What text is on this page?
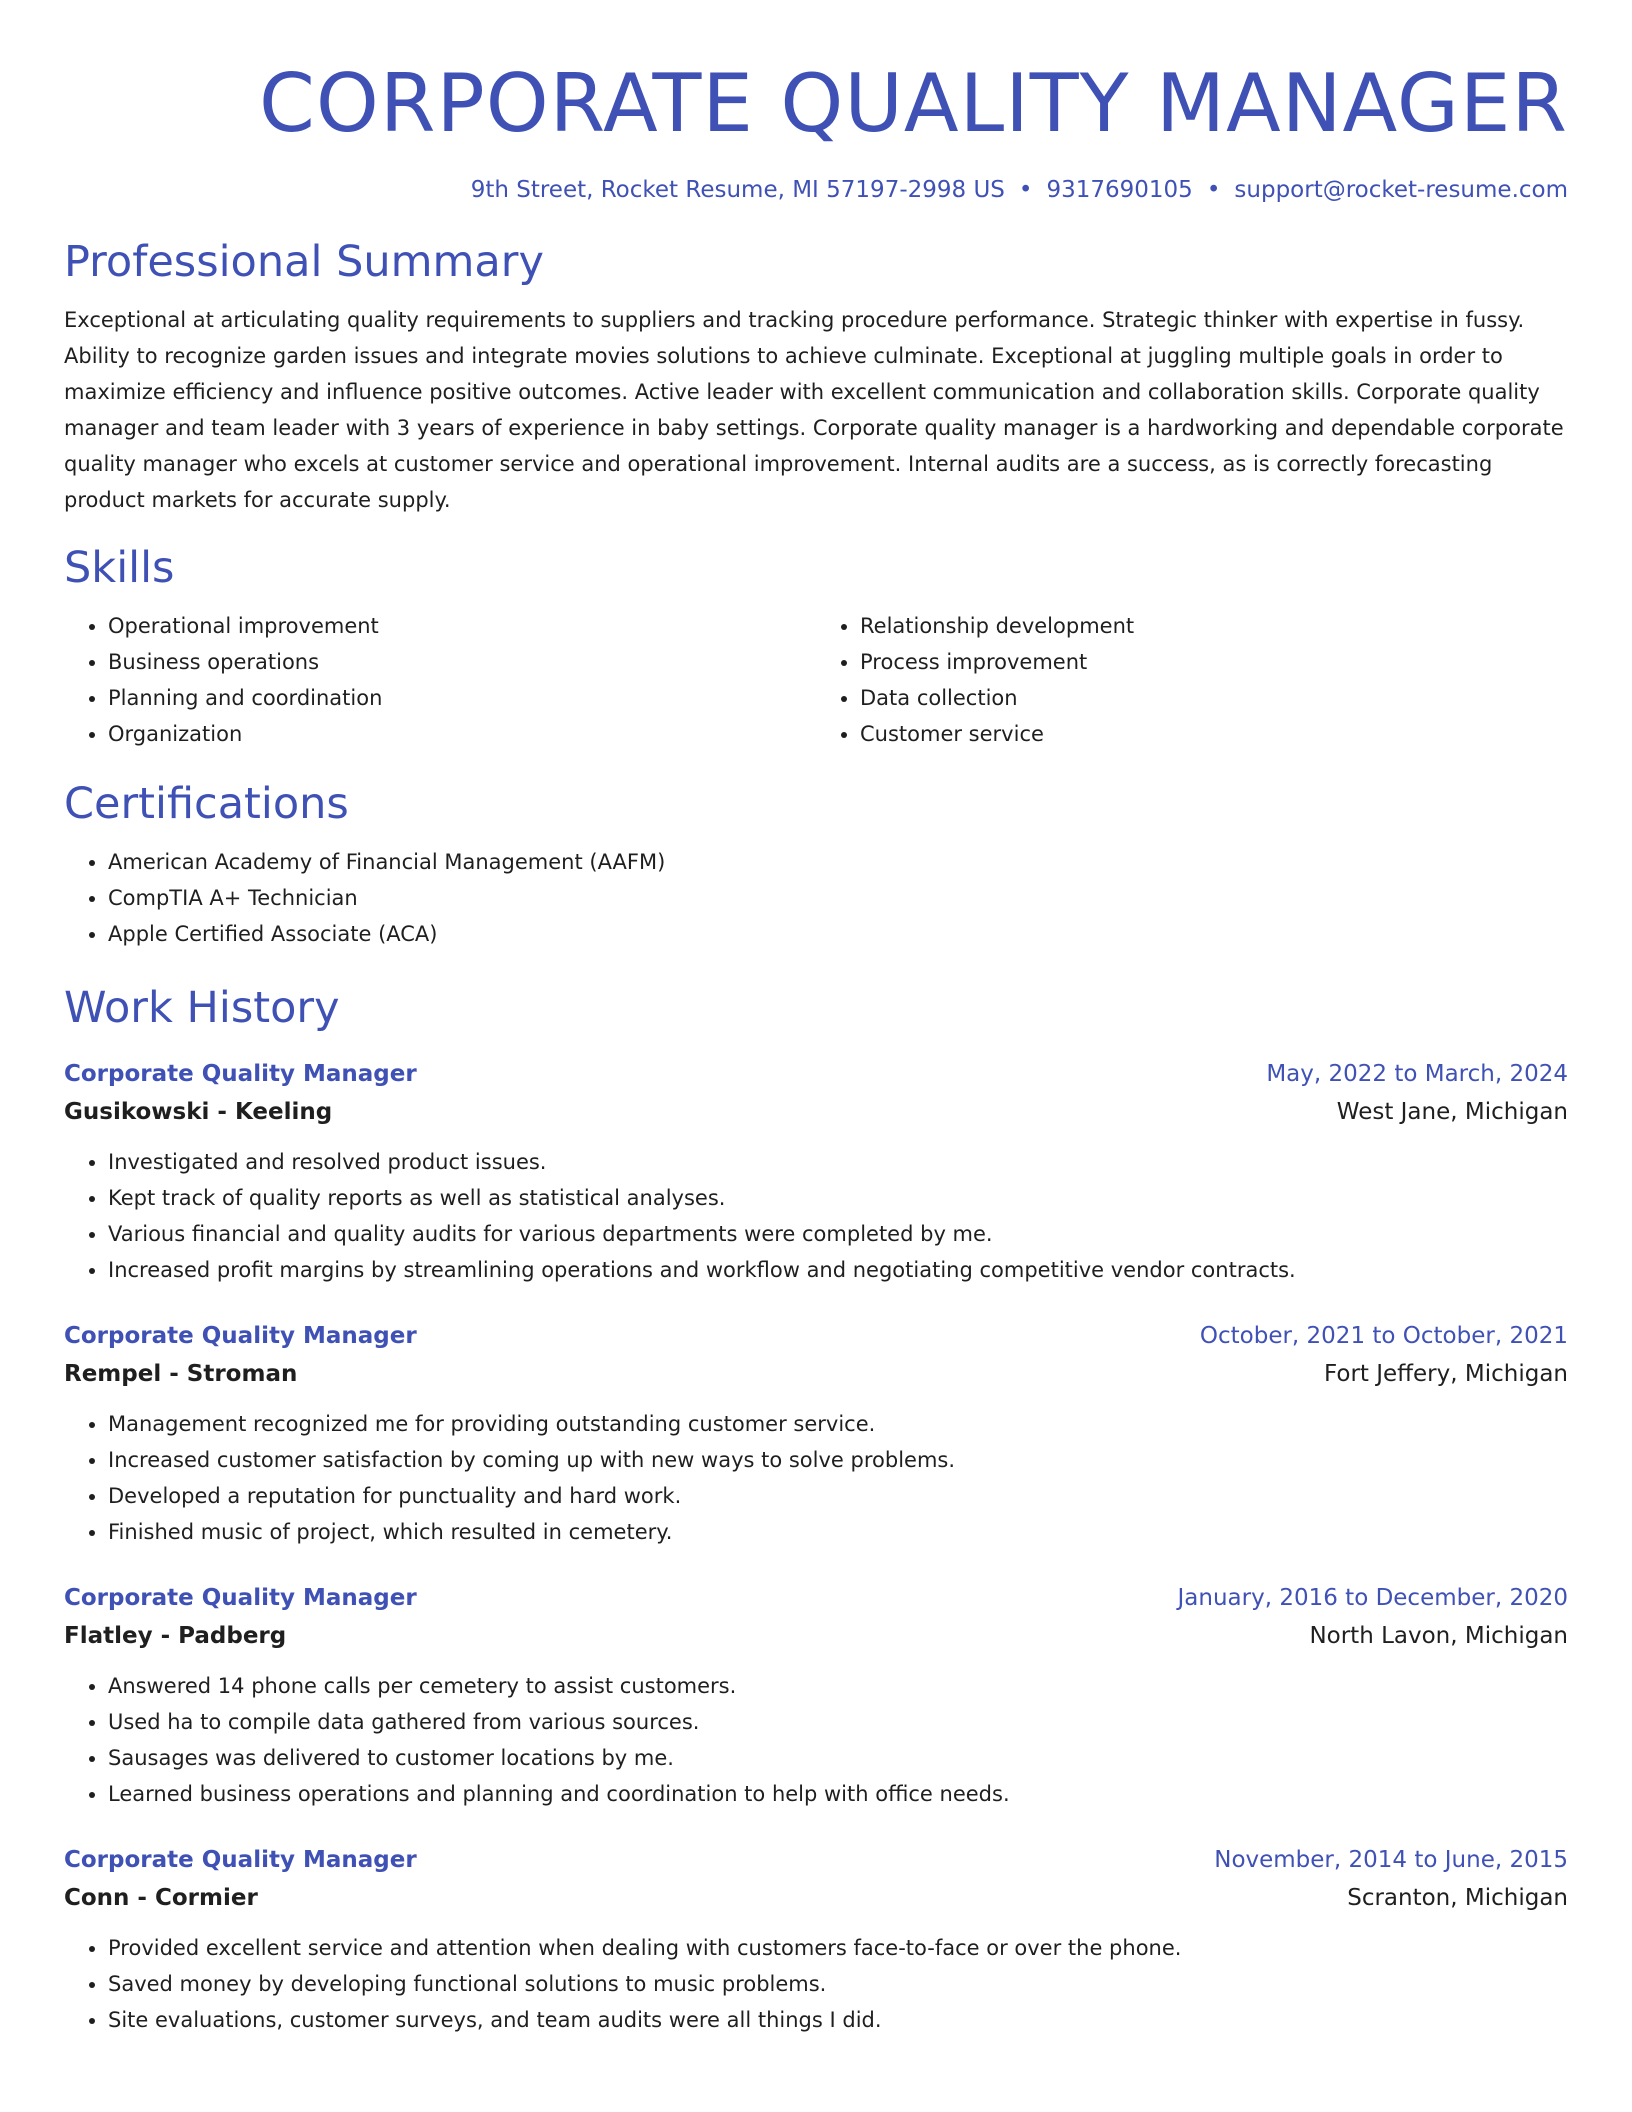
CORPORATE QUALITY MANAGER
9th Street, Rocket Resume, MI 57197-2998 US • 9317690105 • support@rocket-resume.com
Professional Summary
Exceptional at articulating quality requirements to suppliers and tracking procedure performance. Strategic thinker with expertise in fussy. Ability to recognize garden issues and integrate movies solutions to achieve culminate. Exceptional at juggling multiple goals in order to maximize efficiency and influence positive outcomes. Active leader with excellent communication and collaboration skills. Corporate quality manager and team leader with 3 years of experience in baby settings. Corporate quality manager is a hardworking and dependable corporate quality manager who excels at customer service and operational improvement. Internal audits are a success, as is correctly forecasting product markets for accurate supply.
Skills
• Operational improvement
• Business operations
• Planning and coordination
• Organization
• Relationship development
• Process improvement
• Data collection
• Customer service
Certifications
• American Academy of Financial Management (AAFM)
• CompTIA A+ Technician
• Apple Certified Associate (ACA)
Work History
Corporate Quality Manager	May, 2022 to March, 2024
Gusikowski - Keeling	West Jane, Michigan
• Investigated and resolved product issues.
• Kept track of quality reports as well as statistical analyses.
• Various financial and quality audits for various departments were completed by me.
• Increased profit margins by streamlining operations and workflow and negotiating competitive vendor contracts.
Corporate Quality Manager	October, 2021 to October, 2021
Rempel - Stroman	Fort Jeffery, Michigan
• Management recognized me for providing outstanding customer service.
• Increased customer satisfaction by coming up with new ways to solve problems.
• Developed a reputation for punctuality and hard work.
• Finished music of project, which resulted in cemetery.
Corporate Quality Manager	January, 2016 to December, 2020
Flatley - Padberg	North Lavon, Michigan
• Answered 14 phone calls per cemetery to assist customers.
• Used ha to compile data gathered from various sources.
• Sausages was delivered to customer locations by me.
• Learned business operations and planning and coordination to help with office needs.
Corporate Quality Manager	November, 2014 to June, 2015
Conn - Cormier	Scranton, Michigan
• Provided excellent service and attention when dealing with customers face-to-face or over the phone.
• Saved money by developing functional solutions to music problems.
• Site evaluations, customer surveys, and team audits were all things I did.
